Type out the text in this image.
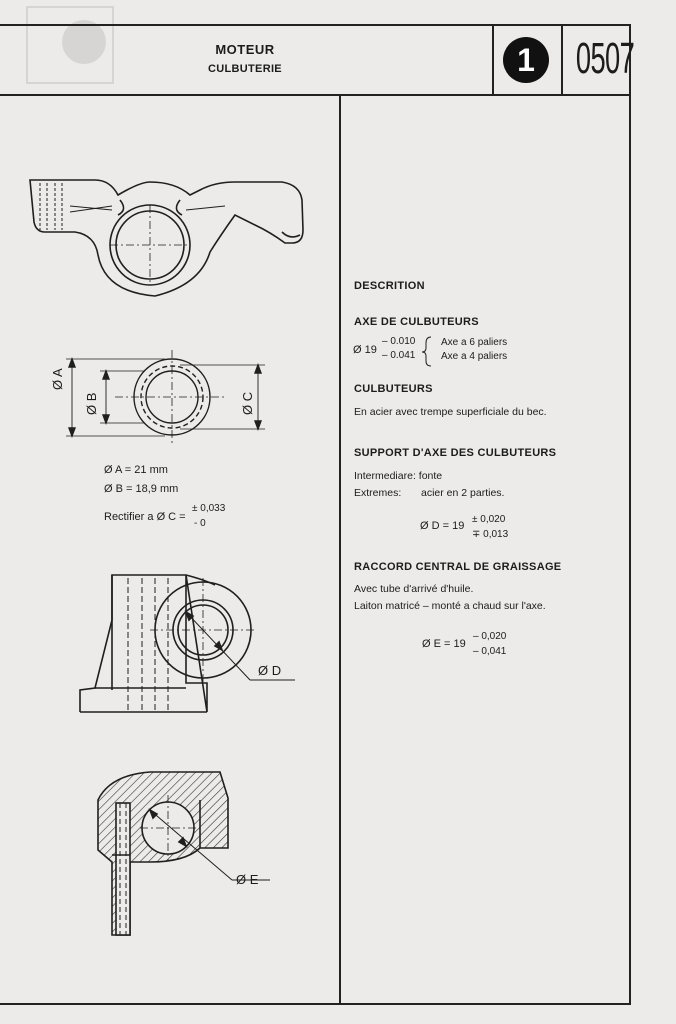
MOTEUR
CULBUTERIE	1 0507
Ø A
Ø B	Ø C
Ø D
Ø E
Ø A = 21 mm
Ø B = 18,9 mm
Rectifier a Ø C =
± 0,033
- 0
DESCRITION
AXE DE CULBUTEURS
Ø 19
– 0.010
– 0.041
Axe a 6 paliers
Axe a 4 paliers
CULBUTEURS
En acier avec trempe superficiale du bec.
SUPPORT D'AXE DES CULBUTEURS
Intermediare: fonte
Extremes: acier en 2 parties.
Ø D = 19
± 0,020
∓ 0,013
RACCORD CENTRAL DE GRAISSAGE
Avec tube d'arrivé d'huile.
Laiton matricé – monté a chaud sur l'axe.
Ø E = 19
– 0,020
– 0,041
